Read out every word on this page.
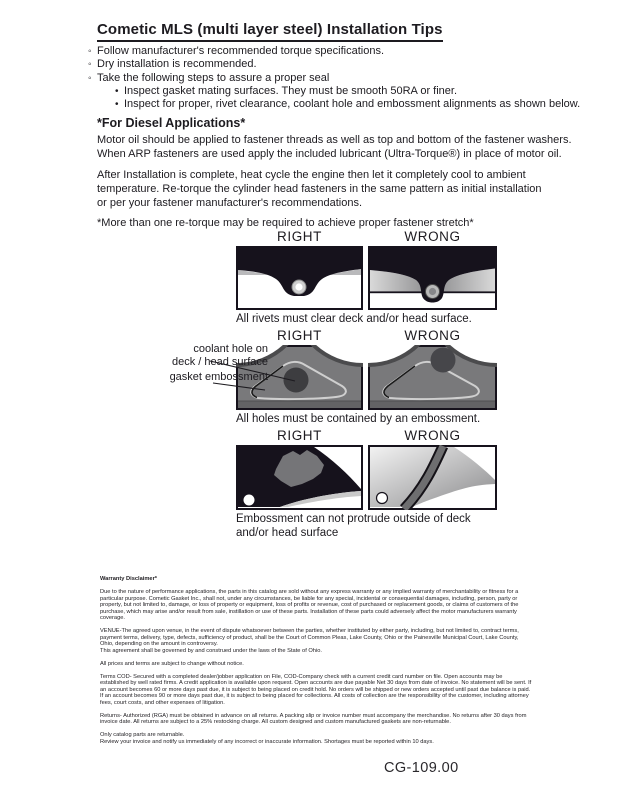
Cometic MLS (multi layer steel) Installation Tips
◦
Follow manufacturer's recommended torque specifications.
◦
Dry installation is recommended.
◦
Take the following steps to assure a proper seal
•
Inspect gasket mating surfaces. They must be smooth 50RA or finer.
•
Inspect for proper, rivet clearance, coolant hole and embossment alignments as shown below.
*For Diesel Applications*
Motor oil should be applied to fastener threads as well as top and bottom of the fastener washers.
When ARP fasteners are used apply the included lubricant (Ultra-Torque®) in place of motor oil.
After Installation is complete, heat cycle the engine then let it completely cool to ambient
temperature. Re-torque the cylinder head fasteners in the same pattern as initial installation
or per your fastener manufacturer's recommendations.
*More than one re-torque may be required to achieve proper fastener stretch*
RIGHT	WRONG
All rivets must clear deck and/or head surface.
RIGHT	WRONG
All holes must be contained by an embossment.
coolant hole on
deck / head surface
gasket embossment
RIGHT	WRONG
Embossment can not protrude outside of deck
and/or head surface

Warranty Disclaimer*

Due to the nature of performance applications, the parts in this catalog are sold without any express warranty or any implied warranty of merchantability or fitness for a particular purpose. Cometic Gasket Inc., shall not, under any circumstances, be liable for any special, incidental or consequential damages, including, person, party or property, but not limited to, damage, or loss of property or equipment, loss of profits or revenue, cost of purchased or replacement goods, or claims of customers of the purchase, which may arise and/or result from sale, instillation or use of these parts. Installation of these parts could adversely affect the motor manufacturers warranty coverage.

VENUE-The agreed upon venue, in the event of dispute whatsoever between the parties, whether instituted by either party, including, but not limited to, contract terms, payment terms, delivery, type, defects, sufficiency of product, shall be the Court of Common Pleas, Lake County, Ohio or the Painesville Municipal Court, Lake County, Ohio, depending on the amount in controversy.

This agreement shall be governed by and construed under the laws of the State of Ohio.

All prices and terms are subject to change without notice.

Terms COD- Secured with a completed dealer/jobber application on File, COD-Company check with a current credit card number on file. Open accounts may be established by well rated firms. A credit application is available upon request. Open accounts are due payable Net 30 days from date of invoice. No statement will be sent. If an account becomes 60 or more days past due, it is subject to being placed on credit hold. No orders will be shipped or new orders accepted until past due balance is paid. If an account becomes 90 or more days past due, it is subject to being placed for collections. All costs of collection are the responsibility of the customer, including attorney fees, court costs, and other expenses of litigation.

Returns- Authorized (RGA) must be obtained in advance on all returns. A packing slip or invoice number must accompany the merchandise. No returns after 30 days from invoice date. All returns are subject to a 25% restocking charge. All custom designed and custom manufactured gaskets are non-returnable.

Only catalog parts are returnable.

Review your invoice and notify us immediately of any incorrect or inaccurate information. Shortages must be reported within 10 days.

CG-109.00
